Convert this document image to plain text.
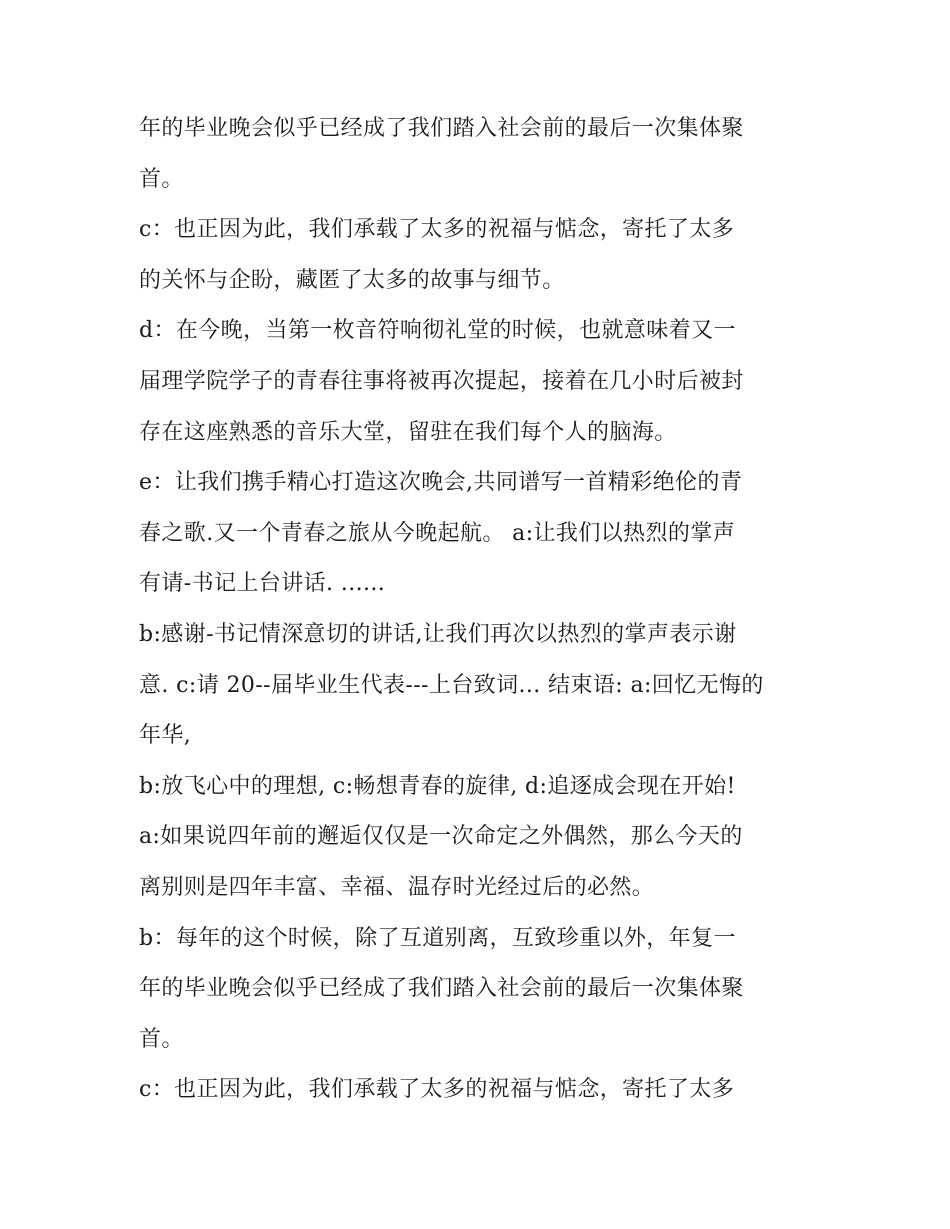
年的毕业晚会似乎已经成了我们踏入社会前的最后一次集体聚
首。
c：也正因为此，我们承载了太多的祝福与惦念，寄托了太多
的关怀与企盼，藏匿了太多的故事与细节。
d：在今晚，当第一枚音符响彻礼堂的时候，也就意味着又一
届理学院学子的青春往事将被再次提起，接着在几小时后被封
存在这座熟悉的音乐大堂，留驻在我们每个人的脑海。
e：让我们携手精心打造这次晚会,共同谱写一首精彩绝伦的青
春之歌.又一个青春之旅从今晚起航。 a:让我们以热烈的掌声
有请-书记上台讲话. ......
b:感谢-书记情深意切的讲话,让我们再次以热烈的掌声表示谢
意. c:请 20--届毕业生代表---上台致词... 结束语: a:回忆无悔的
年华,
b:放飞心中的理想, c:畅想青春的旋律, d:追逐成会现在开始!
a:如果说四年前的邂逅仅仅是一次命定之外偶然，那么今天的
离别则是四年丰富、幸福、温存时光经过后的必然。
b：每年的这个时候，除了互道别离，互致珍重以外，年复一
年的毕业晚会似乎已经成了我们踏入社会前的最后一次集体聚
首。
c：也正因为此，我们承载了太多的祝福与惦念，寄托了太多
